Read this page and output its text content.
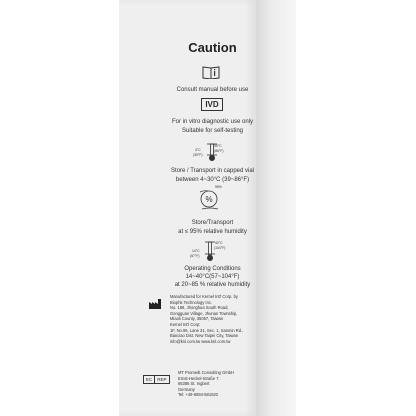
Caution
Consult manual before use
IVD
For in vitro diagnostic use only
Suitable for self-testing
4°C
(39°F)
30°C
(86°F)
Store / Transport in capped vial
between 4~30°C (39~86°F)
%
95%
Store/Transport
at ≤ 95% relative humidity
14°C
(57°F)
40°C
(104°F)
Operating Conditions
14~40°C(57~104°F)
at 20~85 % relative humidity
Manufactured for Kernel Int'l Corp. by
Biophk Technology Inc.
No. 188, Jhonghua South Road,
Gongguan Village, Jhunan Township,
Miaoli County, 35057, Taiwan
Kernel Int'l Corp:
1F, No.96, Lane 31, Sec. 1, Sanmin Rd.,
Banciao Dist. New Taipei City, Taiwan
info@knl.com.tw www.knl.com.tw
EC	REP
MT Promedt Consulting GmbH
Ernst-Heckel-Straße 7
66386 St. Ingbert
Germany
Tel: +49-6894-581020
